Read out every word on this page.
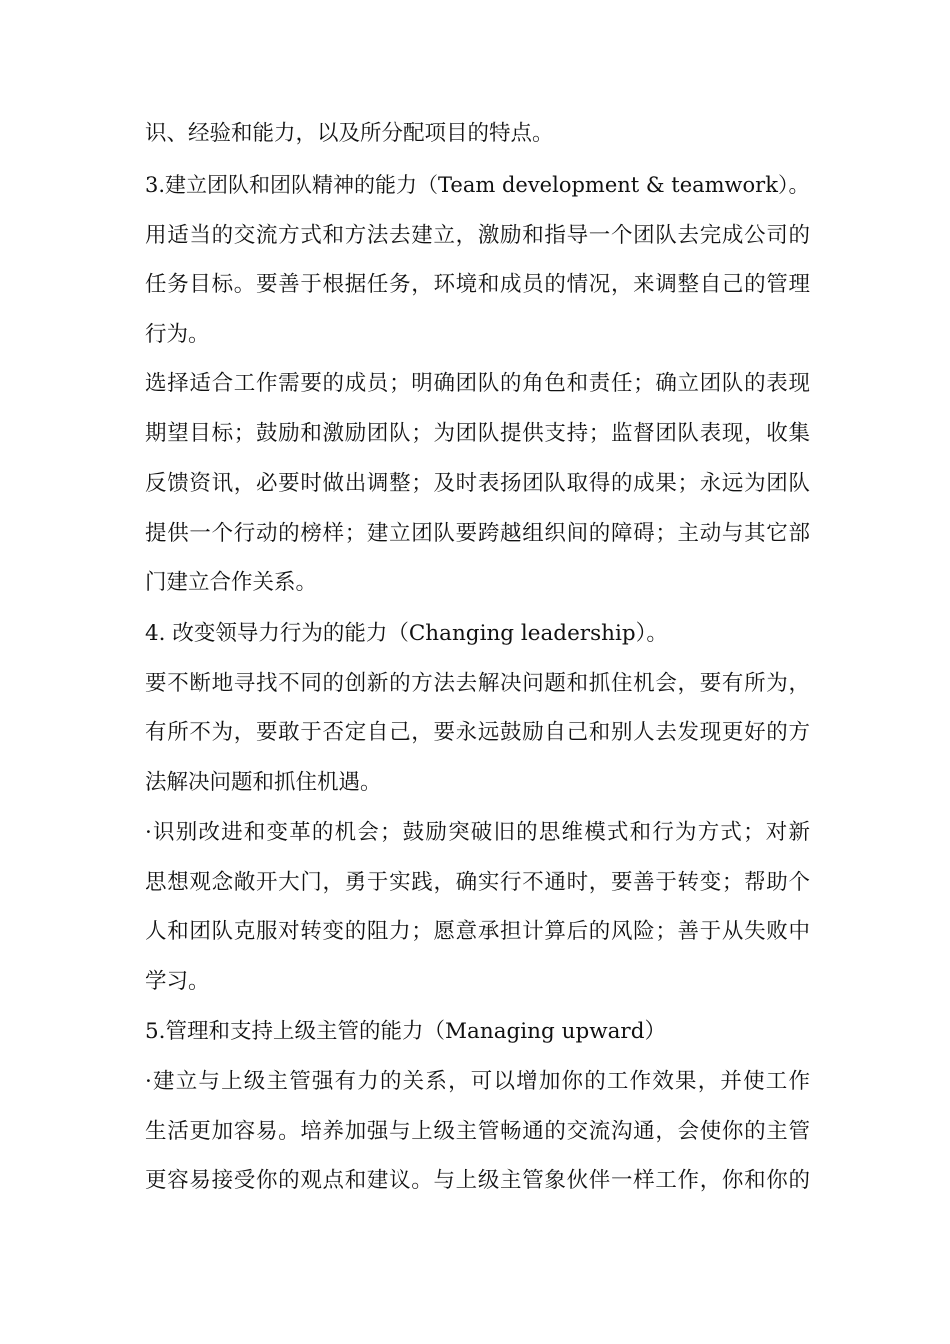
识、经验和能力，以及所分配项目的特点。
3.建立团队和团队精神的能力（Team development & teamwork）。
用适当的交流方式和方法去建立，激励和指导一个团队去完成公司的
任务目标。要善于根据任务，环境和成员的情况，来调整自己的管理
行为。
选择适合工作需要的成员；明确团队的角色和责任；确立团队的表现
期望目标；鼓励和激励团队；为团队提供支持；监督团队表现，收集
反馈资讯，必要时做出调整；及时表扬团队取得的成果；永远为团队
提供一个行动的榜样；建立团队要跨越组织间的障碍；主动与其它部
门建立合作关系。
4. 改变领导力行为的能力（Changing leadership）。
要不断地寻找不同的创新的方法去解决问题和抓住机会，要有所为，
有所不为，要敢于否定自己，要永远鼓励自己和别人去发现更好的方
法解决问题和抓住机遇。
·识别改进和变革的机会；鼓励突破旧的思维模式和行为方式；对新
思想观念敞开大门，勇于实践，确实行不通时，要善于转变；帮助个
人和团队克服对转变的阻力；愿意承担计算后的风险；善于从失败中
学习。
5.管理和支持上级主管的能力（Managing upward）
·建立与上级主管强有力的关系，可以增加你的工作效果，并使工作
生活更加容易。培养加强与上级主管畅通的交流沟通，会使你的主管
更容易接受你的观点和建议。与上级主管象伙伴一样工作，你和你的
